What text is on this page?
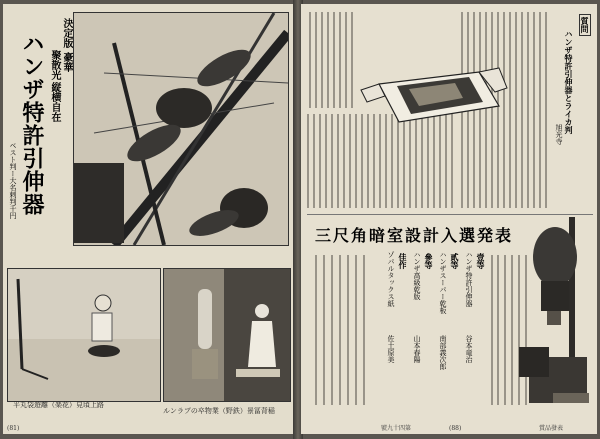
決定版
豪華
聚散光
縦横自在
ハンザ特許引伸器
ベスト判ー大名刺判千円
平丸袋遊離（楽花）見頃上路
ルンラブの卒物業（野鉄）景冨背稲
(81)
質問
ハンザ特許引伸器とライカ判
旭光寺
三尺角暗室設計入選発表
壹等
ハンザ特許引伸器
谷本竜治
貳等
ハンザスーパー乾板
南部義次郎
參等
ハンザ高級乾版
山本春陽
佳作
ゾパルタックス紙
佐土原美
(88)
號九十四第	賞品發表
